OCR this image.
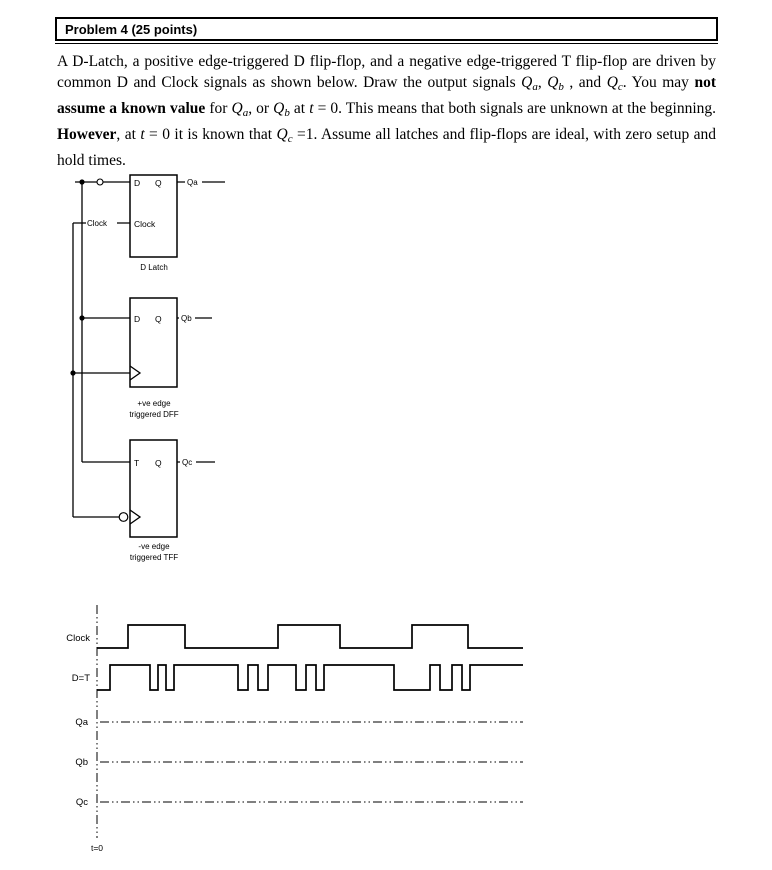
Problem 4 (25 points)
A D-Latch, a positive edge-triggered D flip-flop, and a negative edge-triggered T flip-flop are driven by common D and Clock signals as shown below. Draw the output signals Qa, Qb , and Qc. You may not assume a known value for Qa, or Qb at t = 0. This means that both signals are unknown at the beginning. However, at t = 0 it is known that Qc =1. Assume all latches and flip-flops are ideal, with zero setup and hold times.
Clock
D Q
Clock
Qa
D Latch
D Q Qb
+ve edge
triggered DFF
T Q	Qc
-ve edge
triggered TFF
Clock
D=T
Qa
Qb
Qc
t=0
